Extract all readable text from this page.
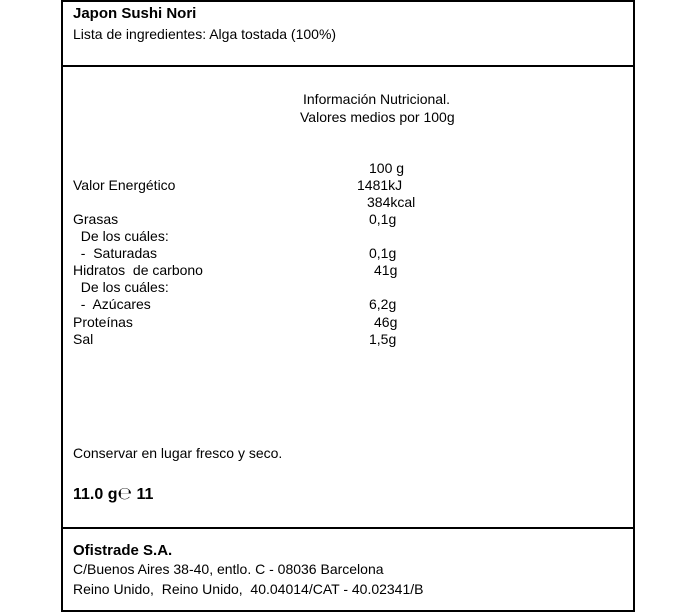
Japon Sushi Nori
Lista de ingredientes: Alga tostada (100%)
Información Nutricional.
Valores medios por 100g
100 g
Valor Energético	1481kJ
384kcal
Grasas	0,1g
De los cuáles:
-  Saturadas	0,1g
Hidratos  de carbono	41g
De los cuáles:
-  Azúcares	6,2g
Proteínas	46g
Sal	1,5g
Conservar en lugar fresco y seco.
11.0 g℮ 11
Ofistrade S.A.
C/Buenos Aires 38-40, entlo. C - 08036 Barcelona
Reino Unido,  Reino Unido,  40.04014/CAT - 40.02341/B
